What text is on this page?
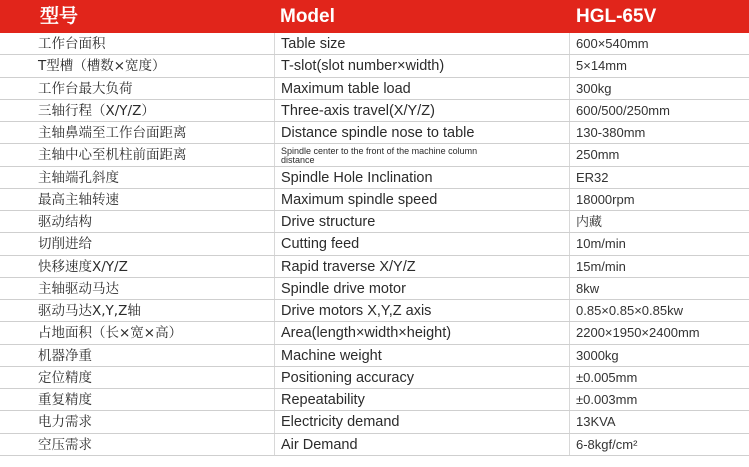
型号	Model	HGL-65V
工作台面积	Table size	600×540mm
T型槽（槽数×宽度）	T-slot(slot number×width)	5×14mm
工作台最大负荷	Maximum table load	300kg
三轴行程（X/Y/Z）	Three-axis travel(X/Y/Z)	600/500/250mm
主轴鼻端至工作台面距离	Distance spindle nose to table	130-380mm
主轴中心至机柱前面距离	Spindle center to the front of the machine column distance	250mm
主轴端孔斜度	Spindle Hole Inclination	ER32
最高主轴转速	Maximum spindle speed	18000rpm
驱动结构	Drive structure	内藏
切削进给	Cutting feed	10m/min
快移速度X/Y/Z	Rapid traverse X/Y/Z	15m/min
主轴驱动马达	Spindle drive motor	8kw
驱动马达X,Y,Z轴	Drive motors X,Y,Z axis	0.85×0.85×0.85kw
占地面积（长×宽×高）	Area(length×width×height)	2200×1950×2400mm
机器净重	Machine weight	3000kg
定位精度	Positioning accuracy	±0.005mm
重复精度	Repeatability	±0.003mm
电力需求	Electricity demand	13KVA
空压需求	Air Demand	6-8kgf/cm²
